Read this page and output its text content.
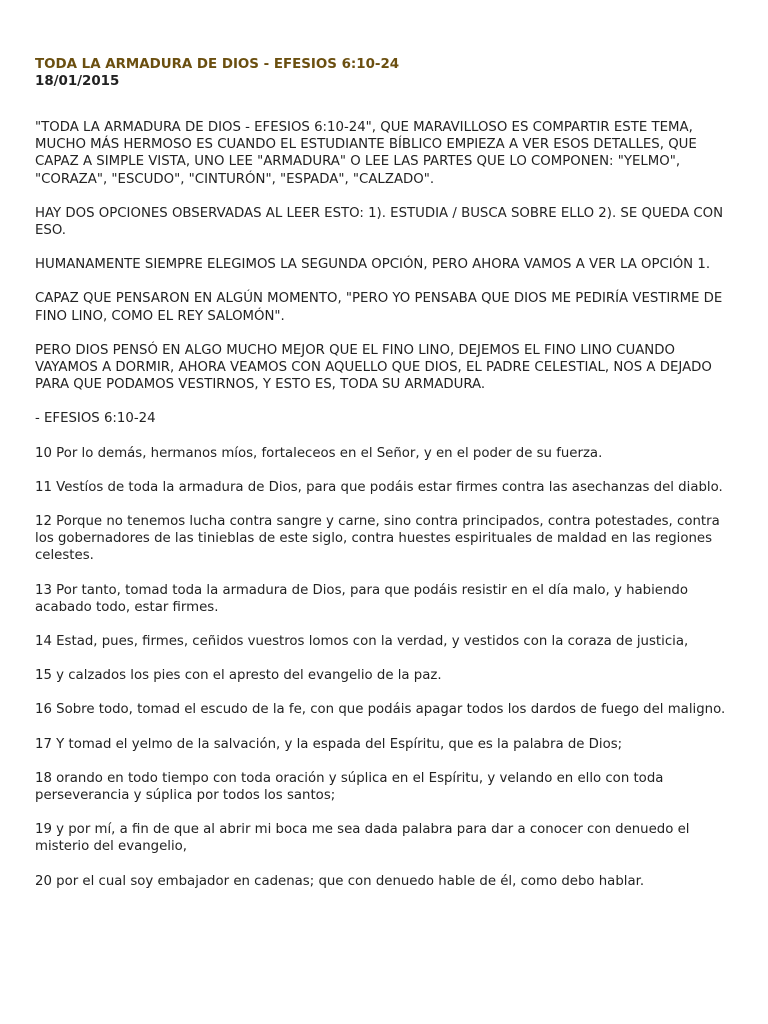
TODA LA ARMADURA DE DIOS - EFESIOS 6:10-24
18/01/2015

"TODA LA ARMADURA DE DIOS - EFESIOS 6:10-24", QUE MARAVILLOSO ES COMPARTIR ESTE TEMA, MUCHO MÁS HERMOSO ES CUANDO EL ESTUDIANTE BÍBLICO EMPIEZA A VER ESOS DETALLES, QUE CAPAZ A SIMPLE VISTA, UNO LEE "ARMADURA" O LEE LAS PARTES QUE LO COMPONEN: "YELMO", "CORAZA", "ESCUDO", "CINTURÓN", "ESPADA", "CALZADO".

HAY DOS OPCIONES OBSERVADAS AL LEER ESTO: 1). ESTUDIA / BUSCA SOBRE ELLO 2). SE QUEDA CON ESO.

HUMANAMENTE SIEMPRE ELEGIMOS LA SEGUNDA OPCIÓN, PERO AHORA VAMOS A VER LA OPCIÓN 1.

CAPAZ QUE PENSARON EN ALGÚN MOMENTO, "PERO YO PENSABA QUE DIOS ME PEDIRÍA VESTIRME DE FINO LINO, COMO EL REY SALOMÓN".

PERO DIOS PENSÓ EN ALGO MUCHO MEJOR QUE EL FINO LINO, DEJEMOS EL FINO LINO CUANDO VAYAMOS A DORMIR, AHORA VEAMOS CON AQUELLO QUE DIOS, EL PADRE CELESTIAL, NOS A DEJADO PARA QUE PODAMOS VESTIRNOS, Y ESTO ES, TODA SU ARMADURA.

- EFESIOS 6:10-24

10 Por lo demás, hermanos míos, fortaleceos en el Señor, y en el poder de su fuerza.

11 Vestíos de toda la armadura de Dios, para que podáis estar firmes contra las asechanzas del diablo.

12 Porque no tenemos lucha contra sangre y carne, sino contra principados, contra potestades, contra los gobernadores de las tinieblas de este siglo, contra huestes espirituales de maldad en las regiones celestes.

13 Por tanto, tomad toda la armadura de Dios, para que podáis resistir en el día malo, y habiendo acabado todo, estar firmes.

14 Estad, pues, firmes, ceñidos vuestros lomos con la verdad, y vestidos con la coraza de justicia,

15 y calzados los pies con el apresto del evangelio de la paz.

16 Sobre todo, tomad el escudo de la fe, con que podáis apagar todos los dardos de fuego del maligno.

17 Y tomad el yelmo de la salvación, y la espada del Espíritu, que es la palabra de Dios;

18 orando en todo tiempo con toda oración y súplica en el Espíritu, y velando en ello con toda perseverancia y súplica por todos los santos;

19 y por mí, a fin de que al abrir mi boca me sea dada palabra para dar a conocer con denuedo el misterio del evangelio,

20 por el cual soy embajador en cadenas; que con denuedo hable de él, como debo hablar.
